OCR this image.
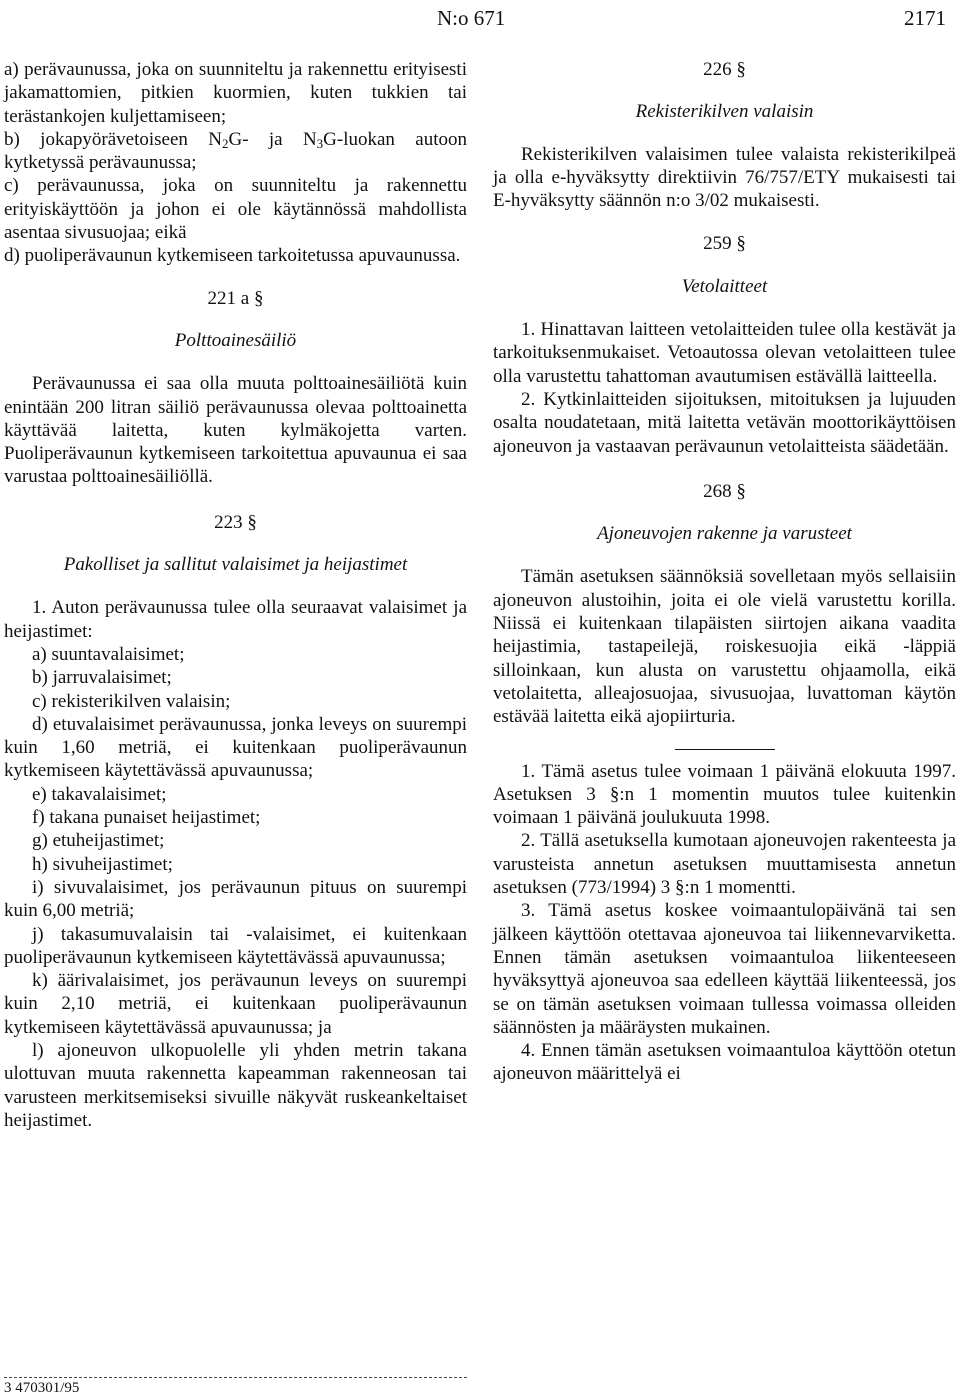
N:o 671	2171

a) perävaunussa, joka on suunniteltu ja rakennettu erityisesti jakamattomien, pitkien kuormien, kuten tukkien tai terästankojen kuljettamiseen;

b) jokapyörävetoiseen $N_2G-$ ja $N_3G$-luokan autoon kytketyssä perävaunussa;

c) perävaunussa, joka on suunniteltu ja rakennettu erityiskäyttöön ja johon ei ole käytännössä mahdollista asentaa sivusuojaa; eikä

d) puoliperävaunun kytkemiseen tarkoitetussa apuvaunussa.

221 a §

Polttoainesäiliö

Perävaunussa ei saa olla muuta polttoainesäiliötä kuin enintään 200 litran säiliö perävaunussa olevaa polttoainetta käyttävää laitetta, kuten kylmäkojetta varten. Puoliperävaunun kytkemiseen tarkoitettua apuvaunua ei saa varustaa polttoainesäiliöllä.

223 §

Pakolliset ja sallitut valaisimet ja heijastimet

1. Auton perävaunussa tulee olla seuraavat valaisimet ja heijastimet:

a) suuntavalaisimet;

b) jarruvalaisimet;

c) rekisterikilven valaisin;

d) etuvalaisimet perävaunussa, jonka leveys on suurempi kuin 1,60 metriä, ei kuitenkaan puoliperävaunun kytkemiseen käytettävässä apuvaunussa;

e) takavalaisimet;

f) takana punaiset heijastimet;

g) etuheijastimet;

h) sivuheijastimet;

i) sivuvalaisimet, jos perävaunun pituus on suurempi kuin 6,00 metriä;

j) takasumuvalaisin tai -valaisimet, ei kuitenkaan puoliperävaunun kytkemiseen käytettävässä apuvaunussa;

k) äärivalaisimet, jos perävaunun leveys on suurempi kuin 2,10 metriä, ei kuitenkaan puoliperävaunun kytkemiseen käytettävässä apuvaunussa; ja

l) ajoneuvon ulkopuolelle yli yhden metrin takana ulottuvan muuta rakennetta kapeamman rakenneosan tai varusteen merkitsemiseksi sivuille näkyvät ruskeankeltaiset heijastimet.

3 470301/95

226 §

Rekisterikilven valaisin

Rekisterikilven valaisimen tulee valaista rekisterikilpeä ja olla e-hyväksytty direktiivin 76/757/ETY mukaisesti tai E-hyväksytty säännön n:o 3/02 mukaisesti.

259 §

Vetolaitteet

1. Hinattavan laitteen vetolaitteiden tulee olla kestävät ja tarkoituksenmukaiset. Vetoautossa olevan vetolaitteen tulee olla varustettu tahattoman avautumisen estävällä laitteella.

2. Kytkinlaitteiden sijoituksen, mitoituksen ja lujuuden osalta noudatetaan, mitä laitetta vetävän moottorikäyttöisen ajoneuvon ja vastaavan perävaunun vetolaitteista säädetään.

268 §

Ajoneuvojen rakenne ja varusteet

Tämän asetuksen säännöksiä sovelletaan myös sellaisiin ajoneuvon alustoihin, joita ei ole vielä varustettu korilla. Niissä ei kuitenkaan tilapäisten siirtojen aikana vaadita heijastimia, tastapeilejä, roiskesuojia eikä -läppiä silloinkaan, kun alusta on varustettu ohjaamolla, eikä vetolaitetta, alleajosuojaa, sivusuojaa, luvattoman käytön estävää laitetta eikä ajopiirturia.

1. Tämä asetus tulee voimaan 1 päivänä elokuuta 1997. Asetuksen 3 §:n 1 momentin muutos tulee kuitenkin voimaan 1 päivänä joulukuuta 1998.

2. Tällä asetuksella kumotaan ajoneuvojen rakenteesta ja varusteista annetun asetuksen muuttamisesta annetun asetuksen (773/1994) 3 §:n 1 momentti.

3. Tämä asetus koskee voimaantulopäivänä tai sen jälkeen käyttöön otettavaa ajoneuvoa tai liikennevarviketta. Ennen tämän asetuksen voimaantuloa liikenteeseen hyväksyttyä ajoneuvoa saa edelleen käyttää liikenteessä, jos se on tämän asetuksen voimaan tullessa voimassa olleiden säännösten ja määräysten mukainen.

4. Ennen tämän asetuksen voimaantuloa käyttöön otetun ajoneuvon määrittelyä ei
